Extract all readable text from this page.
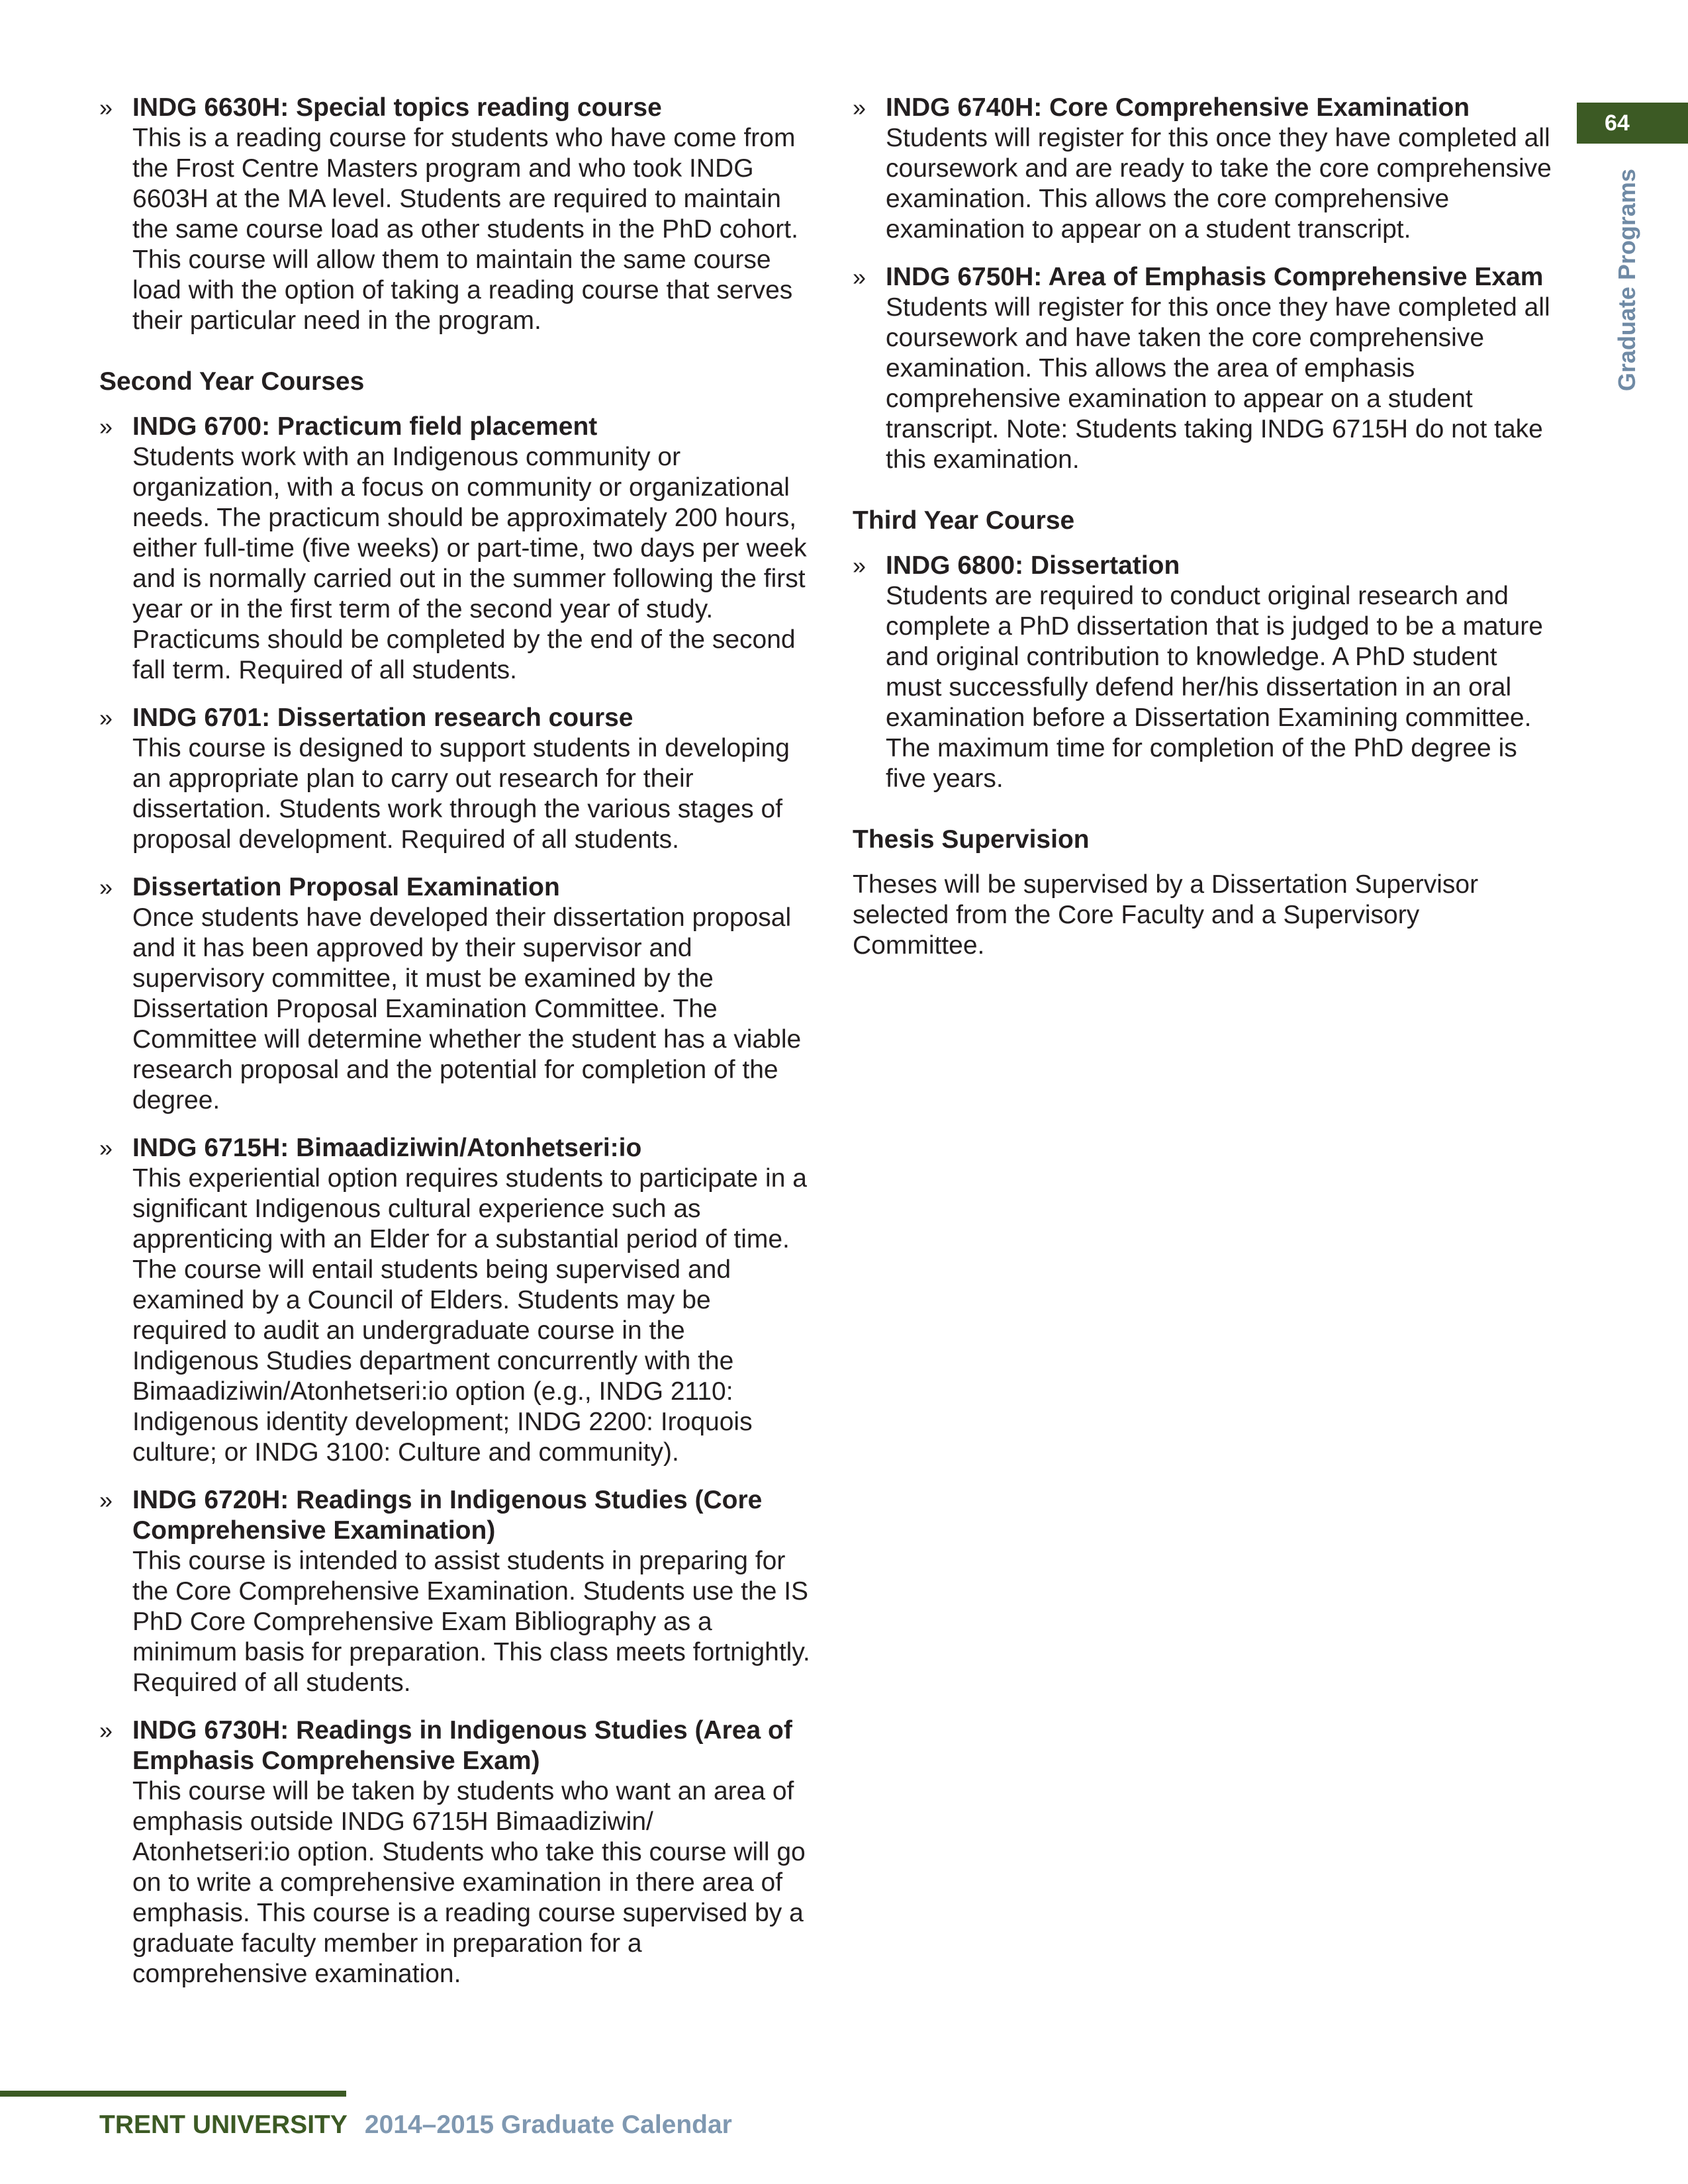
» INDG 6630H: Special topics reading course
This is a reading course for students who have come from the Frost Centre Masters program and who took INDG 6603H at the MA level. Students are required to maintain the same course load as other students in the PhD cohort. This course will allow them to maintain the same course load with the option of taking a reading course that serves their particular need in the program.
Second Year Courses
» INDG 6700: Practicum field placement
Students work with an Indigenous community or organization, with a focus on community or organizational needs. The practicum should be approximately 200 hours, either full-time (five weeks) or part-time, two days per week and is normally carried out in the summer following the first year or in the first term of the second year of study. Practicums should be completed by the end of the second fall term. Required of all students.
» INDG 6701: Dissertation research course
This course is designed to support students in developing an appropriate plan to carry out research for their dissertation. Students work through the various stages of proposal development. Required of all students.
» Dissertation Proposal Examination
Once students have developed their dissertation proposal and it has been approved by their supervisor and supervisory committee, it must be examined by the Dissertation Proposal Examination Committee. The Committee will determine whether the student has a viable research proposal and the potential for completion of the degree.
» INDG 6715H: Bimaadiziwin/Atonhetseri:io
This experiential option requires students to participate in a significant Indigenous cultural experience such as apprenticing with an Elder for a substantial period of time. The course will entail students being supervised and examined by a Council of Elders. Students may be required to audit an undergraduate course in the Indigenous Studies department concurrently with the Bimaadiziwin/Atonhetseri:io option (e.g., INDG 2110: Indigenous identity development; INDG 2200: Iroquois culture; or INDG 3100: Culture and community).
» INDG 6720H: Readings in Indigenous Studies (Core Comprehensive Examination)
This course is intended to assist students in preparing for the Core Comprehensive Examination. Students use the IS PhD Core Comprehensive Exam Bibliography as a minimum basis for preparation. This class meets fortnightly. Required of all students.
» INDG 6730H: Readings in Indigenous Studies (Area of Emphasis Comprehensive Exam)
This course will be taken by students who want an area of emphasis outside INDG 6715H Bimaadiziwin/ Atonhetseri:io option. Students who take this course will go on to write a comprehensive examination in there area of emphasis. This course is a reading course supervised by a graduate faculty member in preparation for a comprehensive examination.
» INDG 6740H: Core Comprehensive Examination
Students will register for this once they have completed all coursework and are ready to take the core comprehensive examination. This allows the core comprehensive examination to appear on a student transcript.
» INDG 6750H: Area of Emphasis Comprehensive Exam
Students will register for this once they have completed all coursework and have taken the core comprehensive examination. This allows the area of emphasis comprehensive examination to appear on a student transcript. Note: Students taking INDG 6715H do not take this examination.
Third Year Course
» INDG 6800: Dissertation
Students are required to conduct original research and complete a PhD dissertation that is judged to be a mature and original contribution to knowledge. A PhD student must successfully defend her/his dissertation in an oral examination before a Dissertation Examining committee. The maximum time for completion of the PhD degree is five years.
Thesis Supervision

Theses will be supervised by a Dissertation Supervisor selected from the Core Faculty and a Supervisory Committee.

64
Graduate Programs
TRENT UNIVERSITY 2014–2015 Graduate Calendar
